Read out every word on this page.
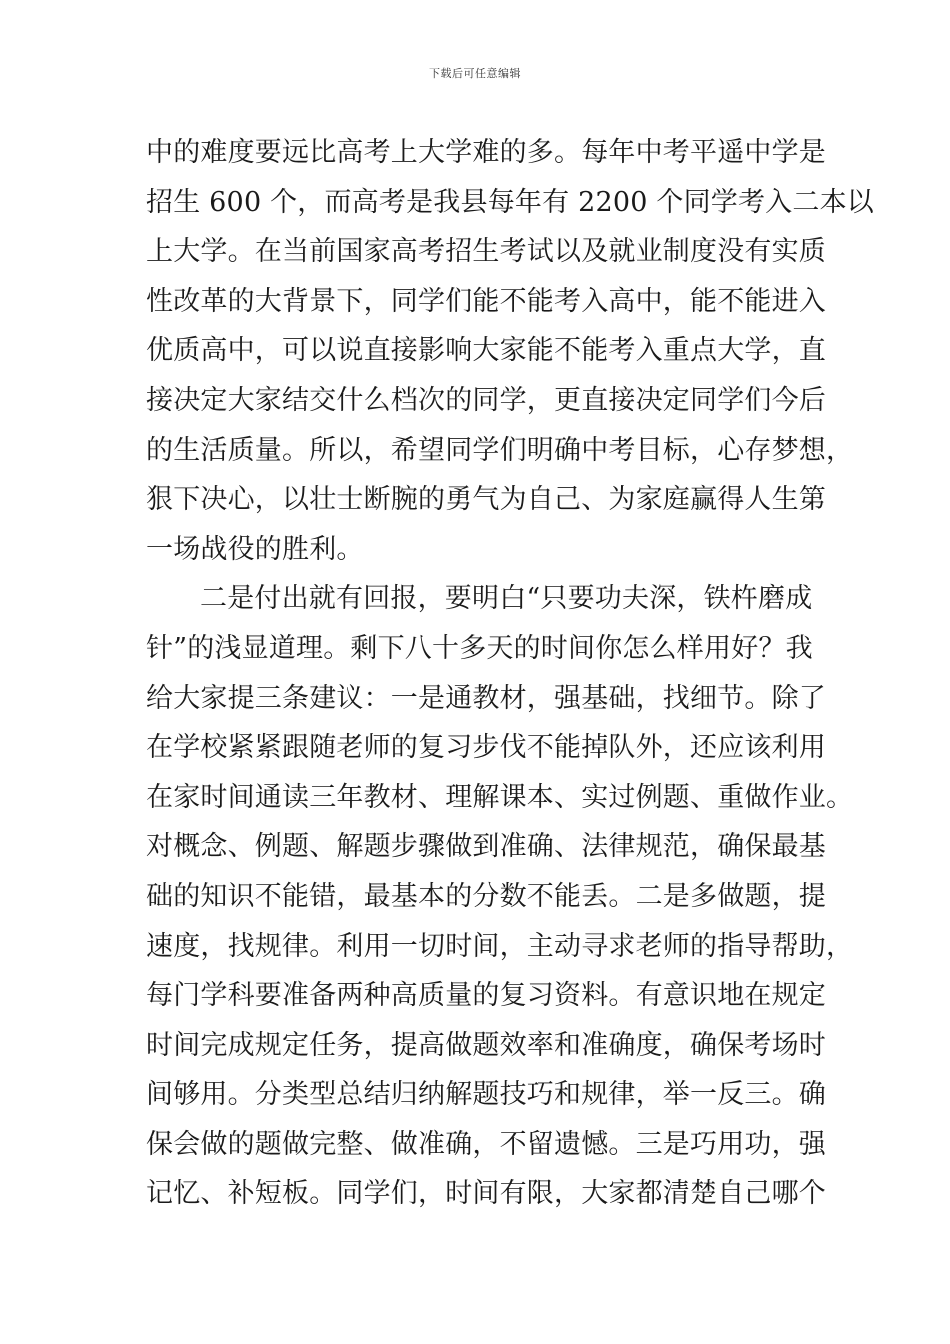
下载后可任意编辑
中的难度要远比高考上大学难的多。每年中考平遥中学是
招生 600 个，而高考是我县每年有 2200 个同学考入二本以
上大学。在当前国家高考招生考试以及就业制度没有实质
性改革的大背景下，同学们能不能考入高中，能不能进入
优质高中，可以说直接影响大家能不能考入重点大学，直
接决定大家结交什么档次的同学，更直接决定同学们今后
的生活质量。所以，希望同学们明确中考目标，心存梦想，
狠下决心，以壮士断腕的勇气为自己、为家庭赢得人生第
一场战役的胜利。
二是付出就有回报，要明白“只要功夫深，铁杵磨成
针”的浅显道理。剩下八十多天的时间你怎么样用好？我
给大家提三条建议：一是通教材，强基础，找细节。除了
在学校紧紧跟随老师的复习步伐不能掉队外，还应该利用
在家时间通读三年教材、理解课本、实过例题、重做作业。
对概念、例题、解题步骤做到准确、法律规范，确保最基
础的知识不能错，最基本的分数不能丢。二是多做题，提
速度，找规律。利用一切时间，主动寻求老师的指导帮助，
每门学科要准备两种高质量的复习资料。有意识地在规定
时间完成规定任务，提高做题效率和准确度，确保考场时
间够用。分类型总结归纳解题技巧和规律，举一反三。确
保会做的题做完整、做准确，不留遗憾。三是巧用功，强
记忆、补短板。同学们，时间有限，大家都清楚自己哪个
